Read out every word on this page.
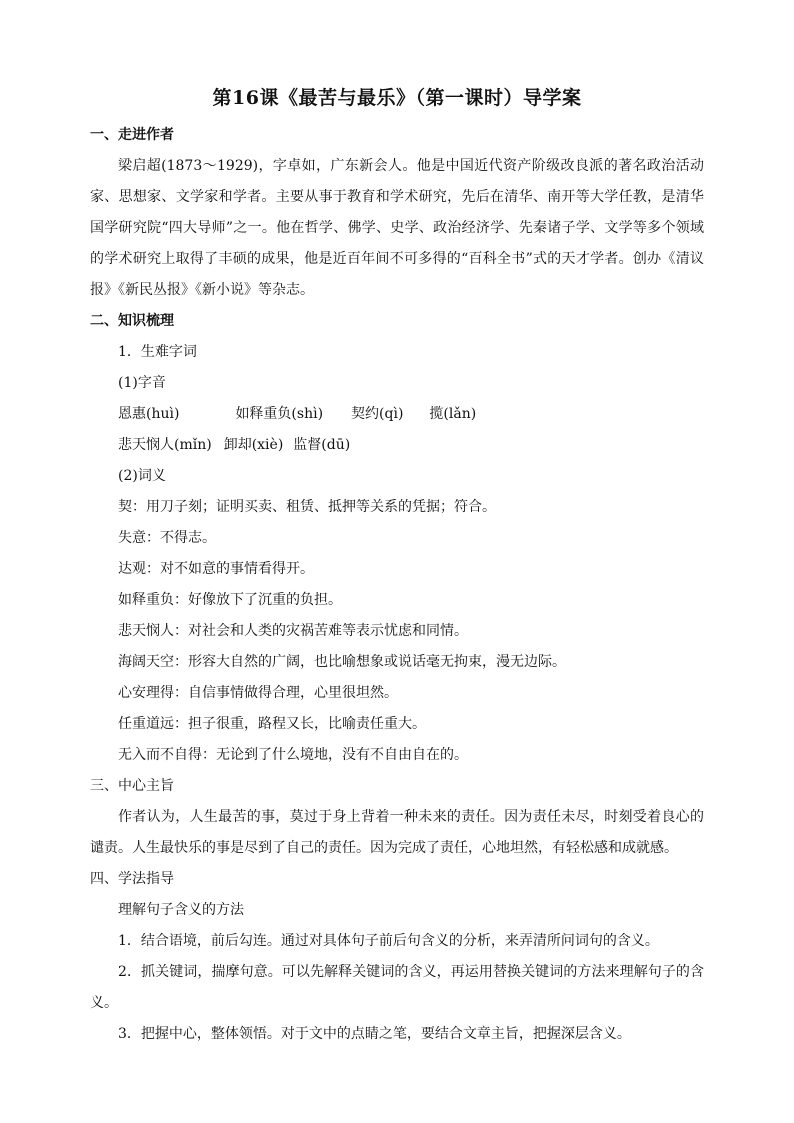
第16课《最苦与最乐》（第一课时）导学案
一、走进作者

梁启超(1873～1929)，字卓如，广东新会人。他是中国近代资产阶级改良派的著名政治活动家、思想家、文学家和学者。主要从事于教育和学术研究，先后在清华、南开等大学任教，是清华国学研究院“四大导师”之一。他在哲学、佛学、史学、政治经济学、先秦诸子学、文学等多个领域的学术研究上取得了丰硕的成果，他是近百年间不可多得的“百科全书”式的天才学者。创办《清议报》《新民丛报》《新小说》等杂志。

二、知识梳理
1．生难字词
(1)字音
恩惠(huì)	如释重负(shì) 契约(qì) 揽(lǎn)
悲天悯人(mǐn) 卸却(xiè) 监督(dū)
(2)词义
契：用刀子刻；证明买卖、租赁、抵押等关系的凭据；符合。
失意：不得志。
达观：对不如意的事情看得开。
如释重负：好像放下了沉重的负担。
悲天悯人：对社会和人类的灾祸苦难等表示忧虑和同情。
海阔天空：形容大自然的广阔，也比喻想象或说话毫无拘束，漫无边际。
心安理得：自信事情做得合理，心里很坦然。
任重道远：担子很重，路程又长，比喻责任重大。
无入而不自得：无论到了什么境地，没有不自由自在的。
三、中心主旨

作者认为，人生最苦的事，莫过于身上背着一种未来的责任。因为责任未尽，时刻受着良心的谴责。人生最快乐的事是尽到了自己的责任。因为完成了责任，心地坦然，有轻松感和成就感。

四、学法指导
理解句子含义的方法
1．结合语境，前后勾连。通过对具体句子前后句含义的分析，来弄清所问词句的含义。
2．抓关键词，揣摩句意。可以先解释关键词的含义，再运用替换关键词的方法来理解句子的含义。
3．把握中心，整体领悟。对于文中的点睛之笔，要结合文章主旨，把握深层含义。
